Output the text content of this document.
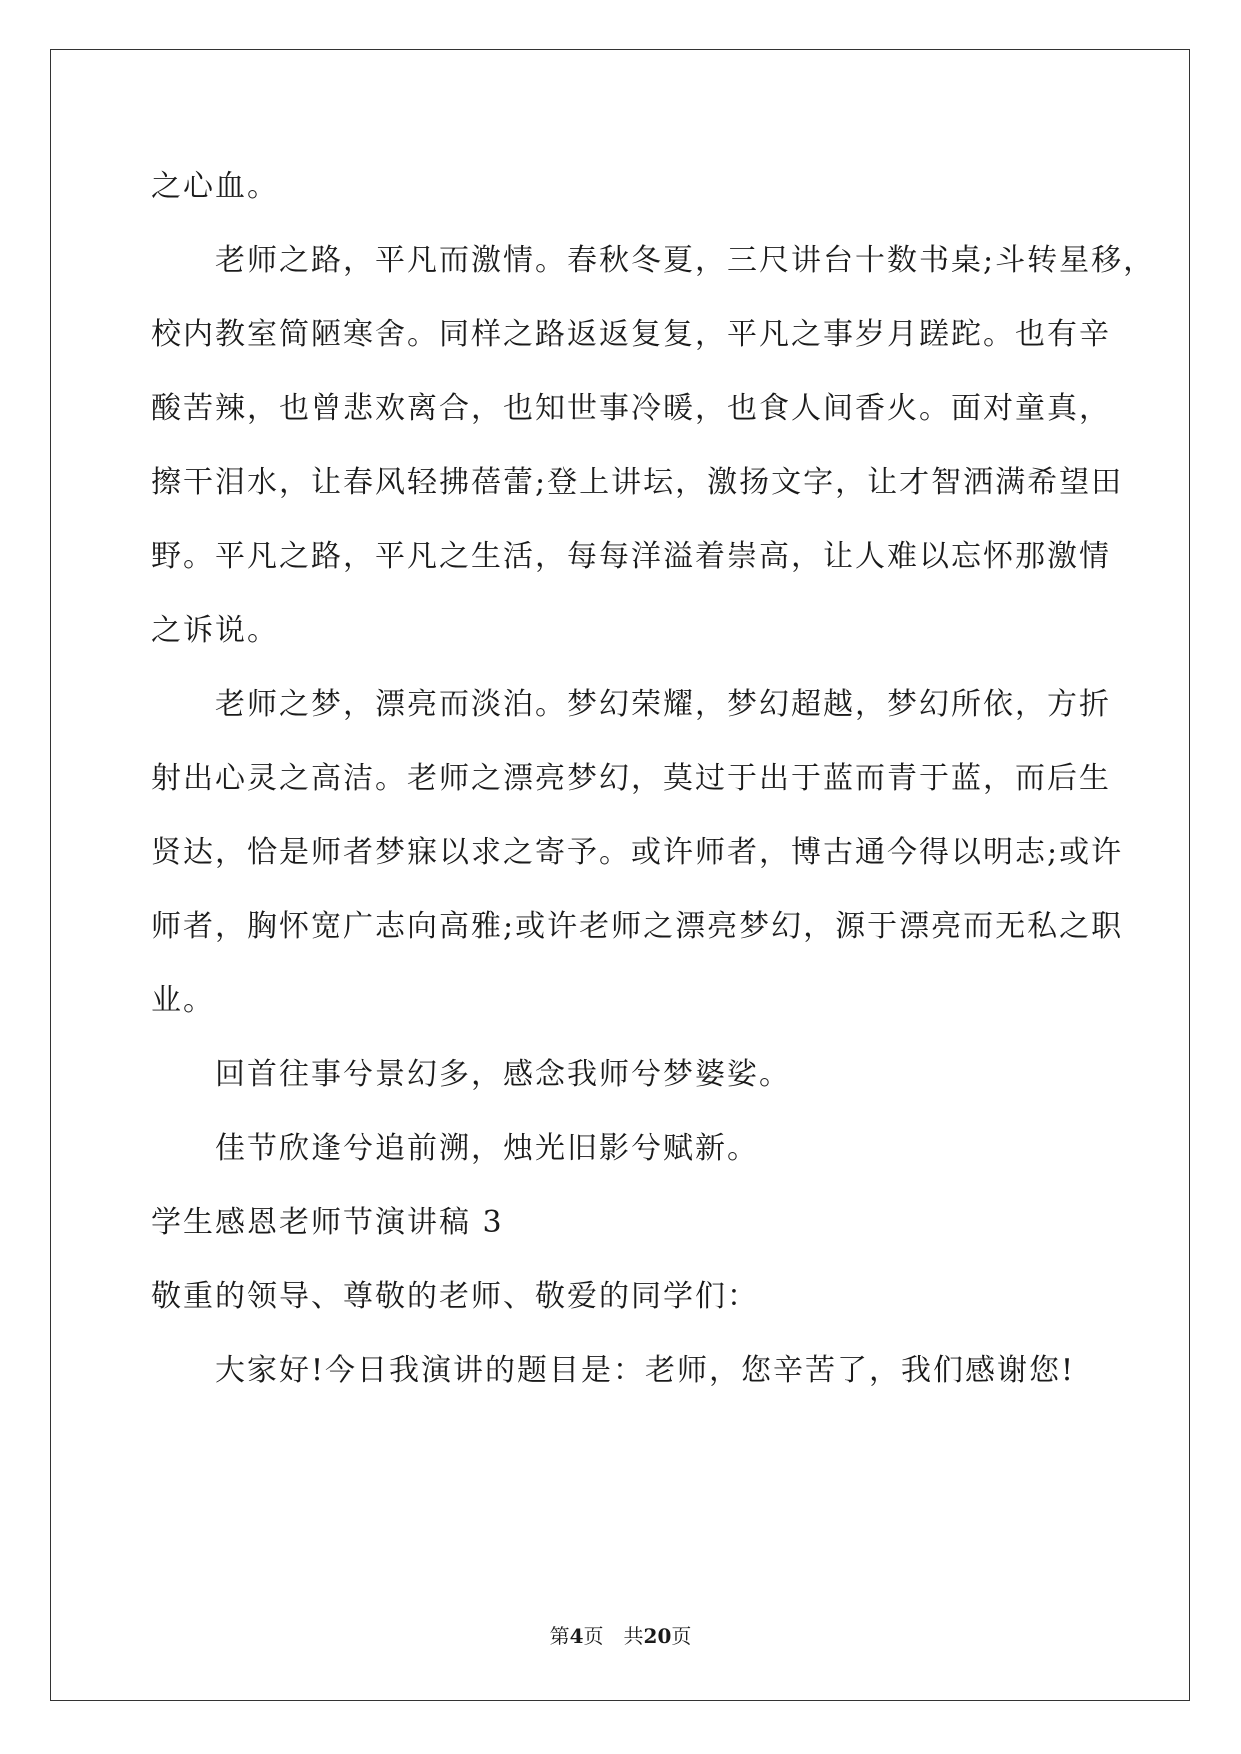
之心血。
老师之路，平凡而激情。春秋冬夏，三尺讲台十数书桌;斗转星移，
校内教室简陋寒舍。同样之路返返复复，平凡之事岁月蹉跎。也有辛
酸苦辣，也曾悲欢离合，也知世事冷暖，也食人间香火。面对童真，
擦干泪水，让春风轻拂蓓蕾;登上讲坛，激扬文字，让才智洒满希望田
野。平凡之路，平凡之生活，每每洋溢着崇高，让人难以忘怀那激情
之诉说。
老师之梦，漂亮而淡泊。梦幻荣耀，梦幻超越，梦幻所依，方折
射出心灵之高洁。老师之漂亮梦幻，莫过于出于蓝而青于蓝，而后生
贤达，恰是师者梦寐以求之寄予。或许师者，博古通今得以明志;或许
师者，胸怀宽广志向高雅;或许老师之漂亮梦幻，源于漂亮而无私之职
业。
回首往事兮景幻多，感念我师兮梦婆娑。
佳节欣逢兮追前溯，烛光旧影兮赋新。
学生感恩老师节演讲稿 3
敬重的领导、尊敬的老师、敬爱的同学们：
大家好!今日我演讲的题目是：老师，您辛苦了，我们感谢您!
第4页 共20页
